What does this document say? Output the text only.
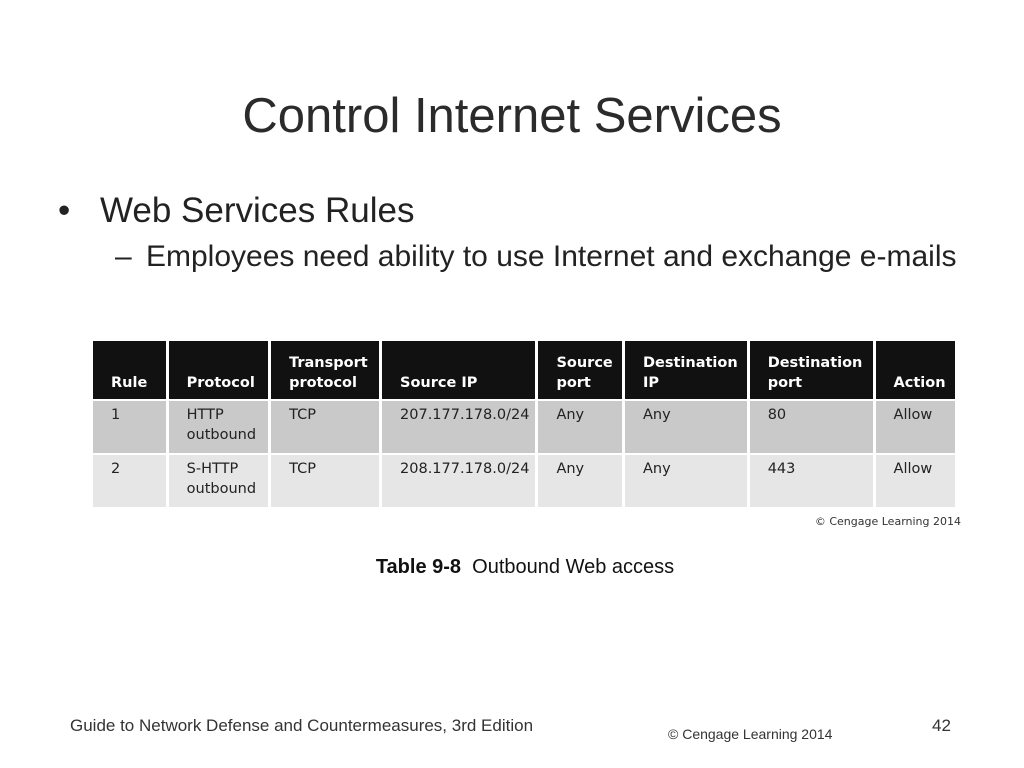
Control Internet Services
• Web Services Rules
– Employees need ability to use Internet and exchange e-mails
Rule	Protocol	Transport protocol	Source IP	Source port	Destination IP	Destination port	Action
1	HTTP outbound	TCP	207.177.178.0/24	Any	Any	80	Allow
2	S-HTTP outbound	TCP	208.177.178.0/24	Any	Any	443	Allow
© Cengage Learning 2014
Table 9-8 Outbound Web access
Guide to Network Defense and Countermeasures, 3rd Edition	© Cengage Learning 2014	42
